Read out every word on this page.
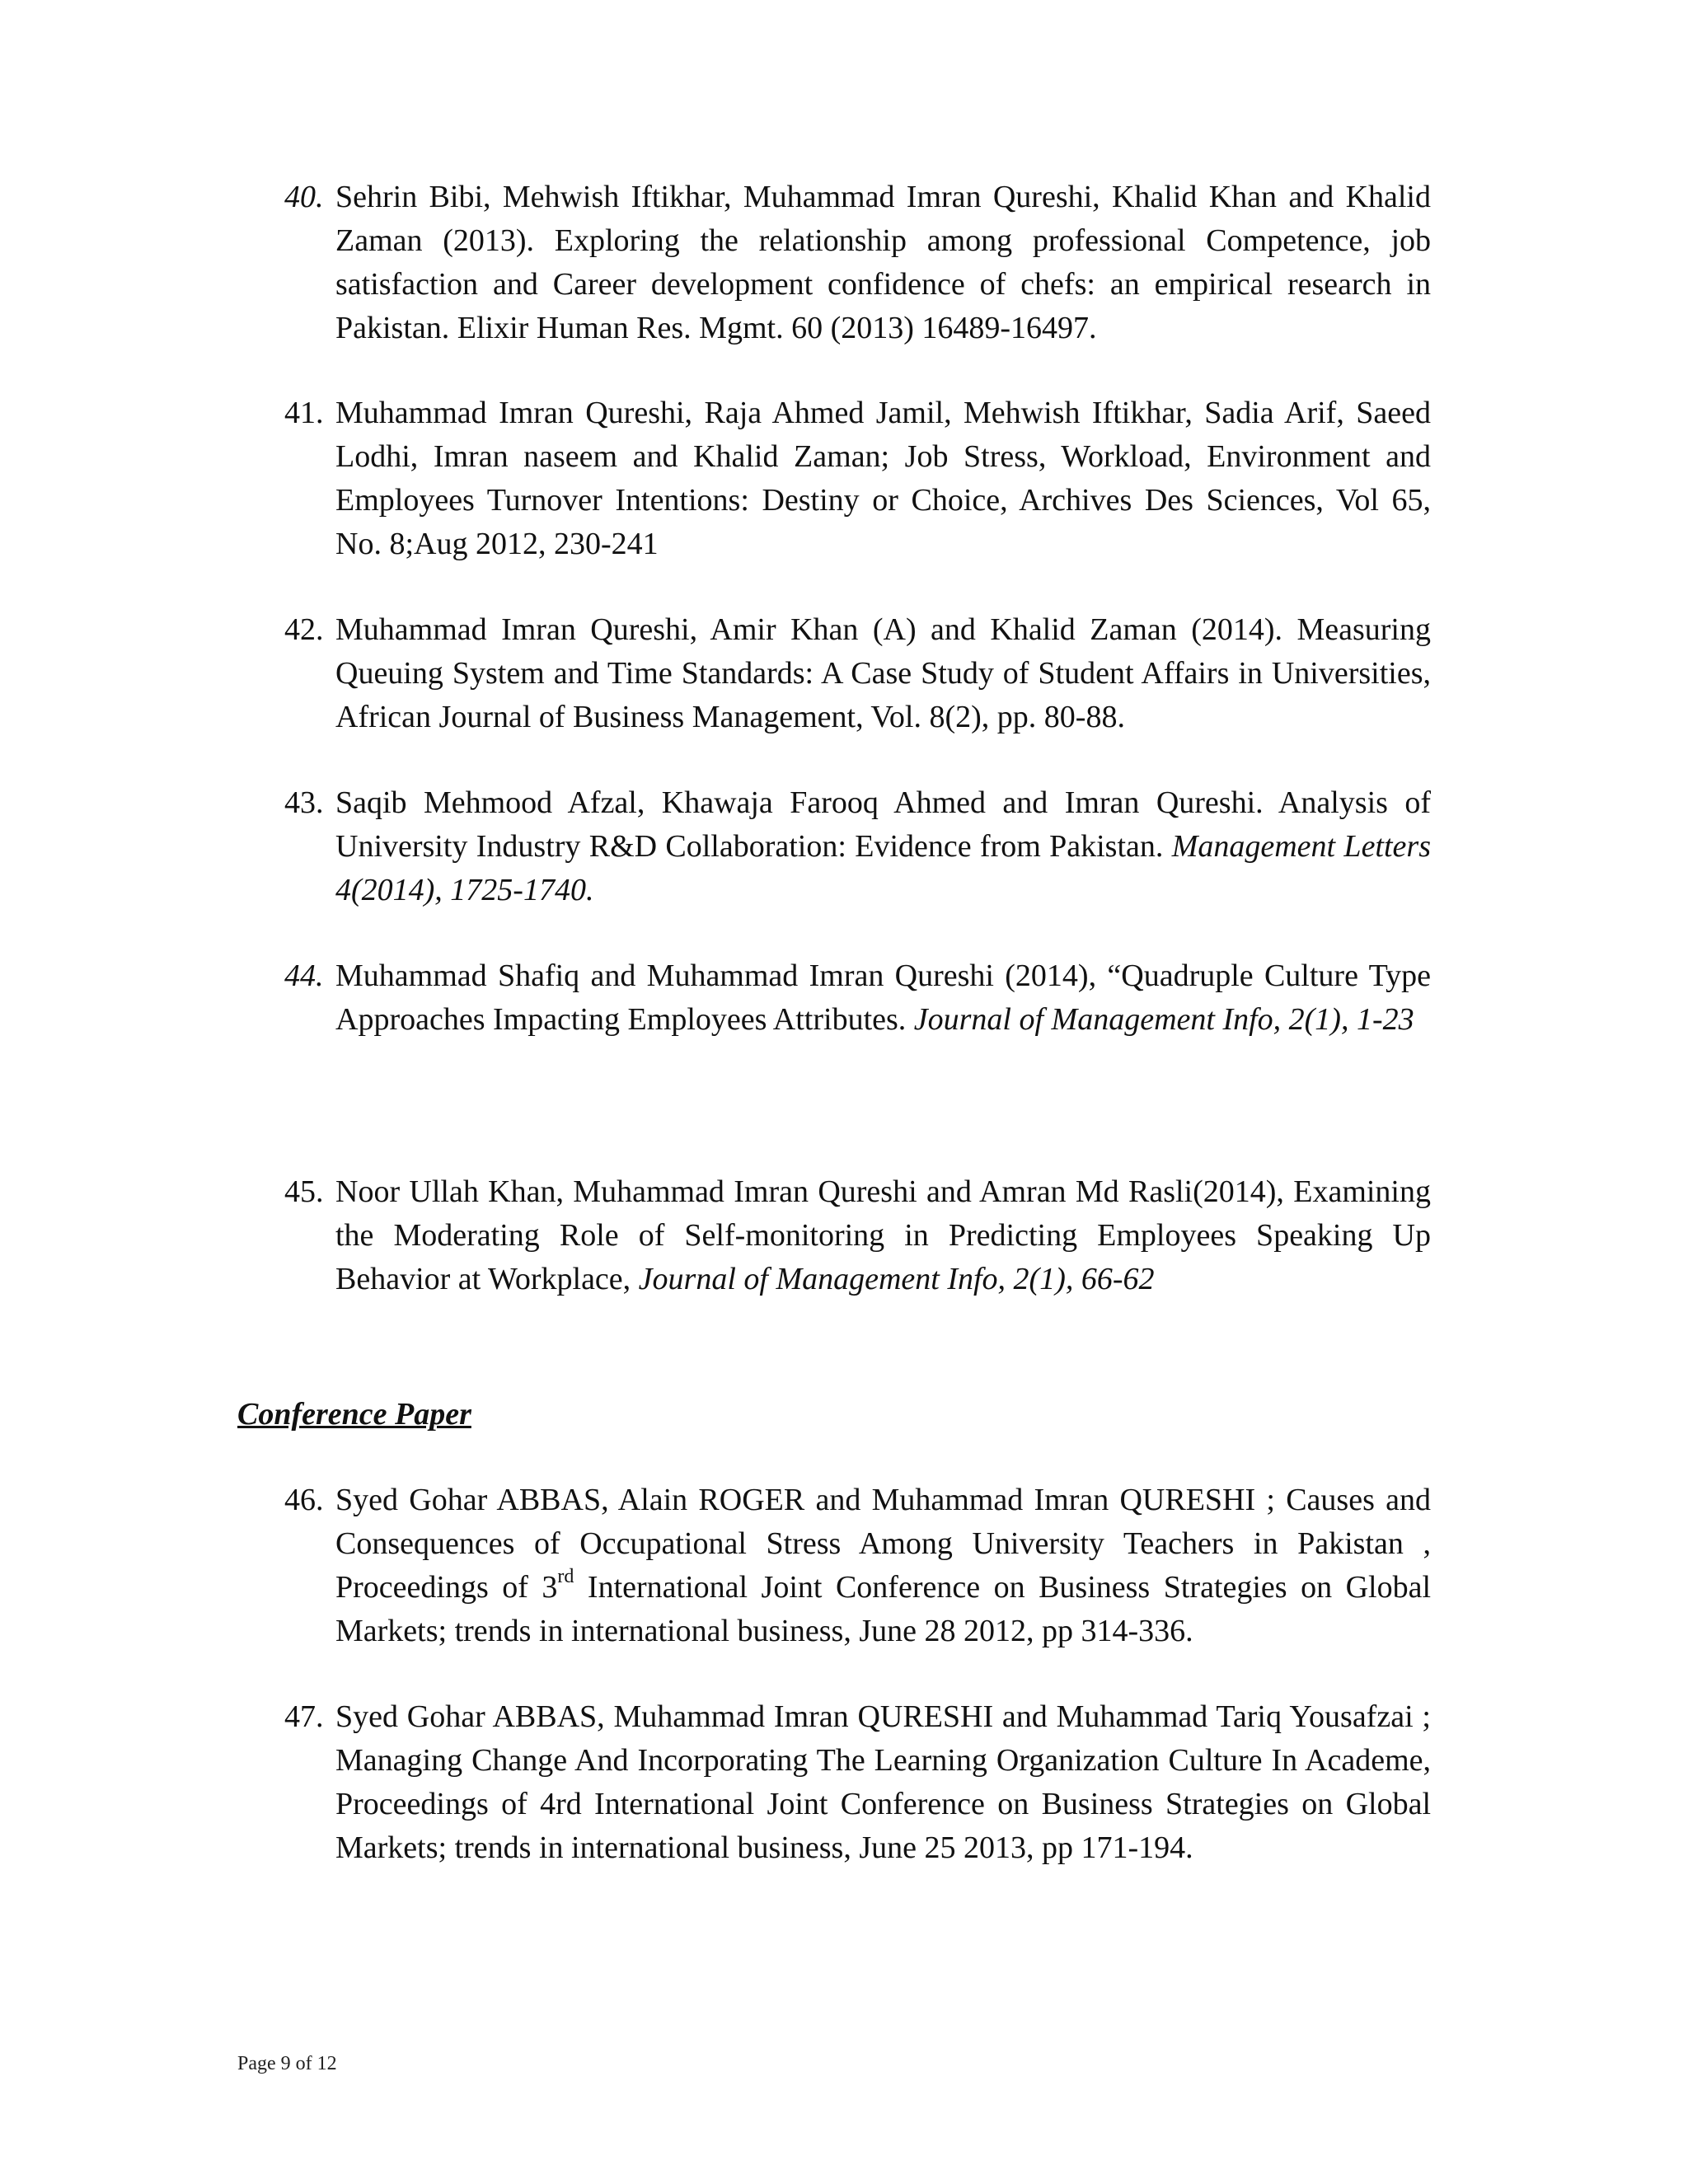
40. Sehrin Bibi, Mehwish Iftikhar, Muhammad Imran Qureshi, Khalid Khan and Khalid Zaman (2013). Exploring the relationship among professional Competence, job satisfaction and Career development confidence of chefs: an empirical research in Pakistan. Elixir Human Res. Mgmt. 60 (2013) 16489-16497.
41. Muhammad Imran Qureshi, Raja Ahmed Jamil, Mehwish Iftikhar, Sadia Arif, Saeed Lodhi, Imran naseem and Khalid Zaman; Job Stress, Workload, Environment and Employees Turnover Intentions: Destiny or Choice, Archives Des Sciences, Vol 65, No. 8;Aug 2012, 230-241
42. Muhammad Imran Qureshi, Amir Khan (A) and Khalid Zaman (2014). Measuring Queuing System and Time Standards: A Case Study of Student Affairs in Universities, African Journal of Business Management, Vol. 8(2), pp. 80-88.
43. Saqib Mehmood Afzal, Khawaja Farooq Ahmed and Imran Qureshi. Analysis of University Industry R&D Collaboration: Evidence from Pakistan. Management Letters 4(2014), 1725-1740.
44. Muhammad Shafiq and Muhammad Imran Qureshi (2014), “Quadruple Culture Type Approaches Impacting Employees Attributes. Journal of Management Info, 2(1), 1-23
45. Noor Ullah Khan, Muhammad Imran Qureshi and Amran Md Rasli(2014), Examining the Moderating Role of Self-monitoring in Predicting Employees Speaking Up Behavior at Workplace, Journal of Management Info, 2(1), 66-62
Conference Paper
46. Syed Gohar ABBAS, Alain ROGER and Muhammad Imran QURESHI ; Causes and Consequences of Occupational Stress Among University Teachers in Pakistan , Proceedings of 3rd International Joint Conference on Business Strategies on Global Markets; trends in international business, June 28 2012, pp 314-336.
47. Syed Gohar ABBAS, Muhammad Imran QURESHI and Muhammad Tariq Yousafzai ; Managing Change And Incorporating The Learning Organization Culture In Academe, Proceedings of 4rd International Joint Conference on Business Strategies on Global Markets; trends in international business, June 25 2013, pp 171-194.
Page 9 of 12
